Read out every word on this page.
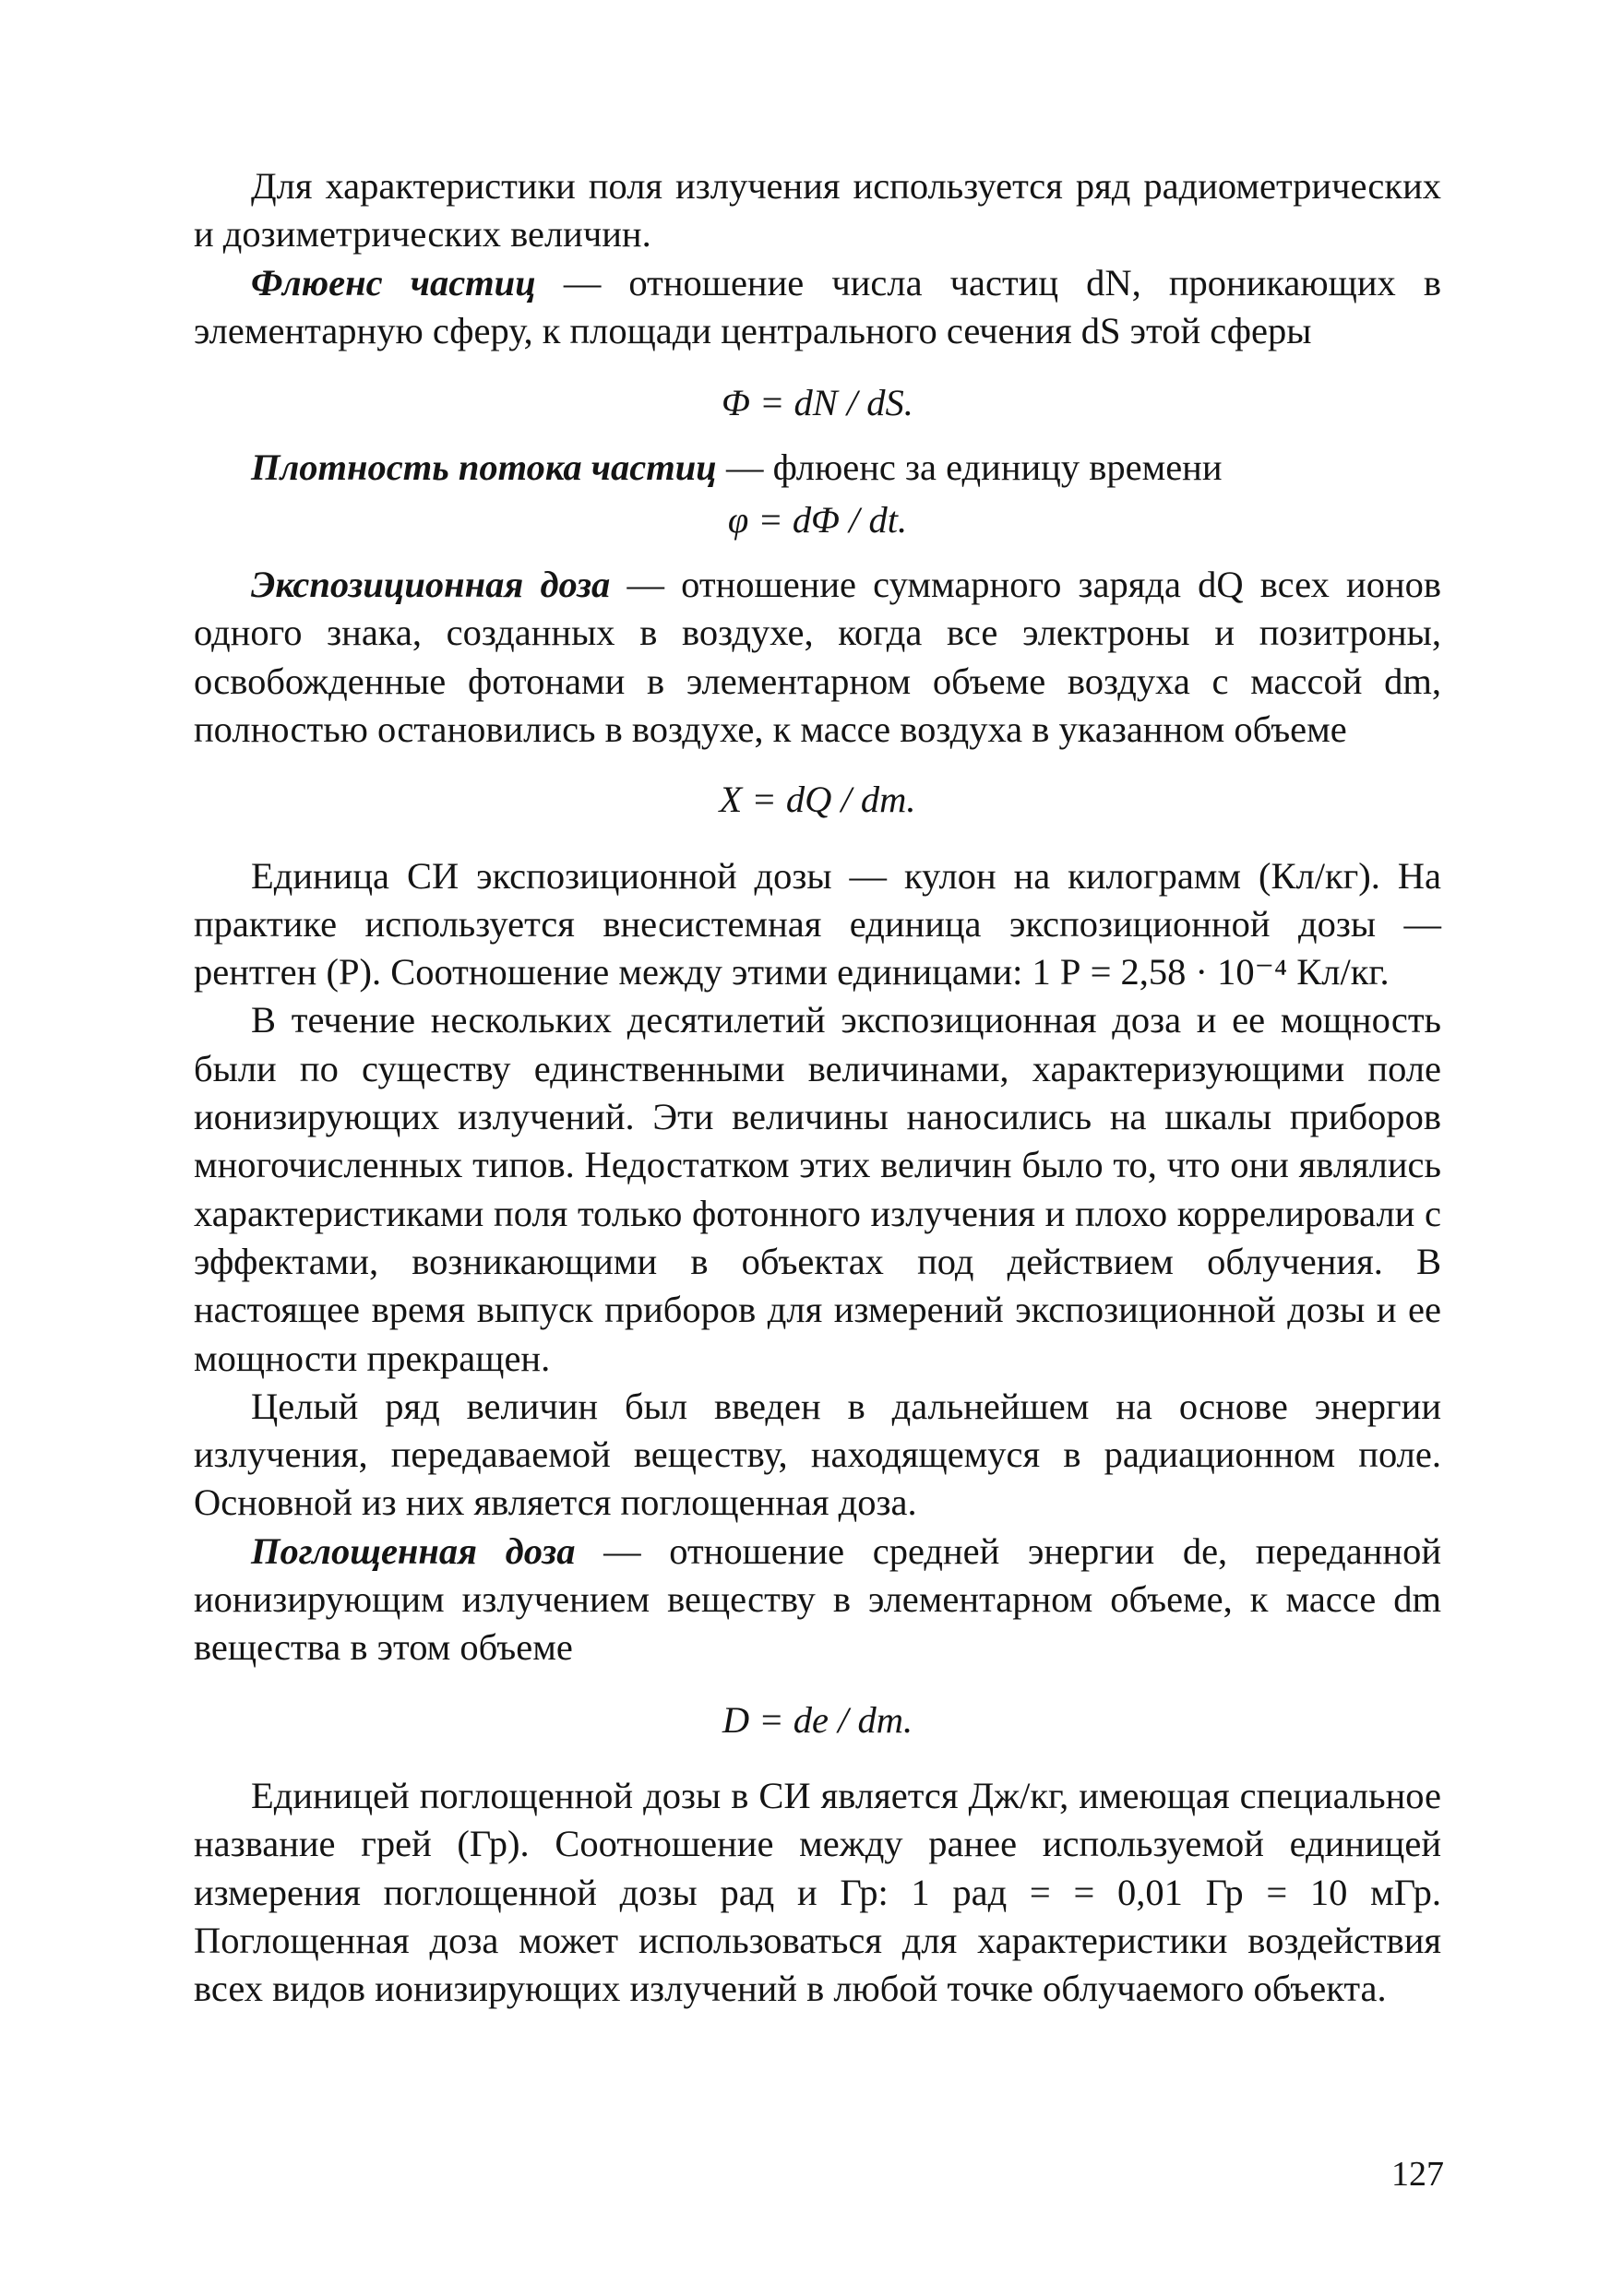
Для характеристики поля излучения используется ряд радиометрических и дозиметрических величин.

Флюенс частиц — отношение числа частиц dN, проникающих в элементарную сферу, к площади центрального сечения dS этой сферы

Φ = dN / dS.

Плотность потока частиц — флюенс за единицу времени

φ = dΦ / dt.

Экспозиционная доза — отношение суммарного заряда dQ всех ионов одного знака, созданных в воздухе, когда все электроны и позитроны, освобожденные фотонами в элементарном объеме воздуха с массой dm, полностью остановились в воздухе, к массе воздуха в указанном объеме

X = dQ / dm.

Единица СИ экспозиционной дозы — кулон на килограмм (Кл/кг). На практике используется внесистемная единица экспозиционной дозы — рентген (Р). Соотношение между этими единицами: 1 Р = 2,58 · 10⁻⁴ Кл/кг.

В течение нескольких десятилетий экспозиционная доза и ее мощность были по существу единственными величинами, характеризующими поле ионизирующих излучений. Эти величины наносились на шкалы приборов многочисленных типов. Недостатком этих величин было то, что они являлись характеристиками поля только фотонного излучения и плохо коррелировали с эффектами, возникающими в объектах под действием облучения. В настоящее время выпуск приборов для измерений экспозиционной дозы и ее мощности прекращен.

Целый ряд величин был введен в дальнейшем на основе энергии излучения, передаваемой веществу, находящемуся в радиационном поле. Основной из них является поглощенная доза.

Поглощенная доза — отношение средней энергии de, переданной ионизирующим излучением веществу в элементарном объеме, к массе dm вещества в этом объеме

D = de / dm.

Единицей поглощенной дозы в СИ является Дж/кг, имеющая специальное название грей (Гр). Соотношение между ранее используемой единицей измерения поглощенной дозы рад и Гр: 1 рад = = 0,01 Гр = 10 мГр. Поглощенная доза может использоваться для характеристики воздействия всех видов ионизирующих излучений в любой точке облучаемого объекта.

127
